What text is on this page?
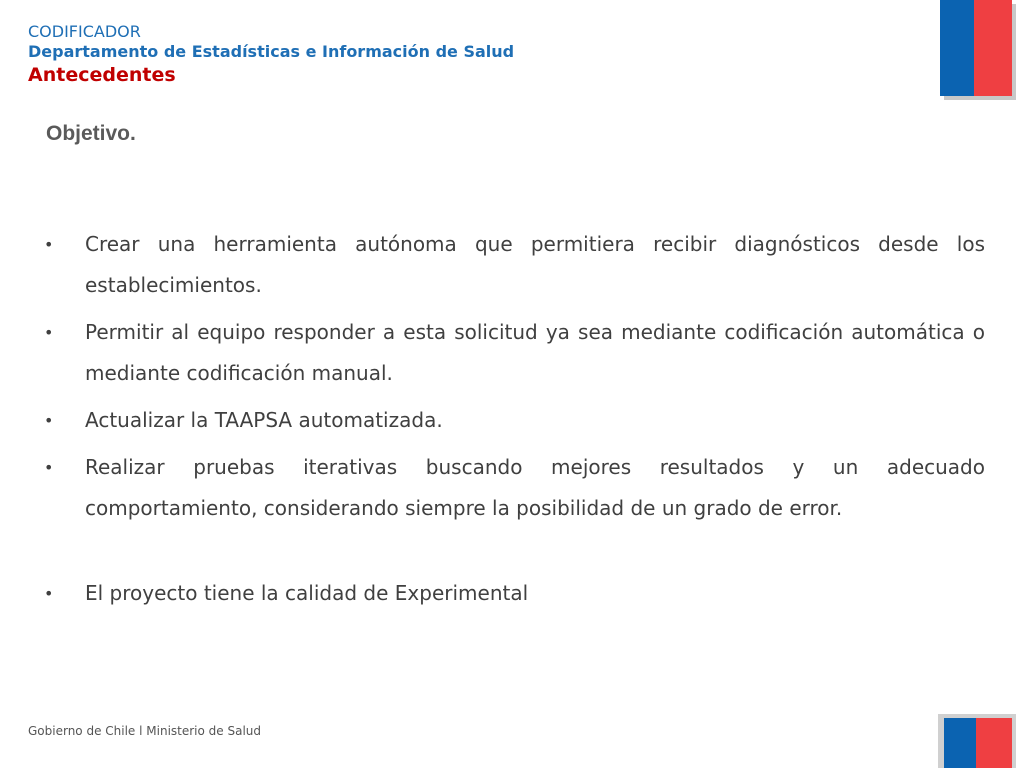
CODIFICADOR
Departamento de Estadísticas e Información de Salud
Antecedentes
Objetivo.
• Crear una herramienta autónoma que permitiera recibir diagnósticos desde los establecimientos.
• Permitir al equipo responder a esta solicitud ya sea mediante codificación automática o mediante codificación manual.
• Actualizar la TAAPSA automatizada.
• Realizar pruebas iterativas buscando mejores resultados y un adecuado comportamiento, considerando siempre la posibilidad de un grado de error.
• El proyecto tiene la calidad de Experimental
Gobierno de Chile l Ministerio de Salud
